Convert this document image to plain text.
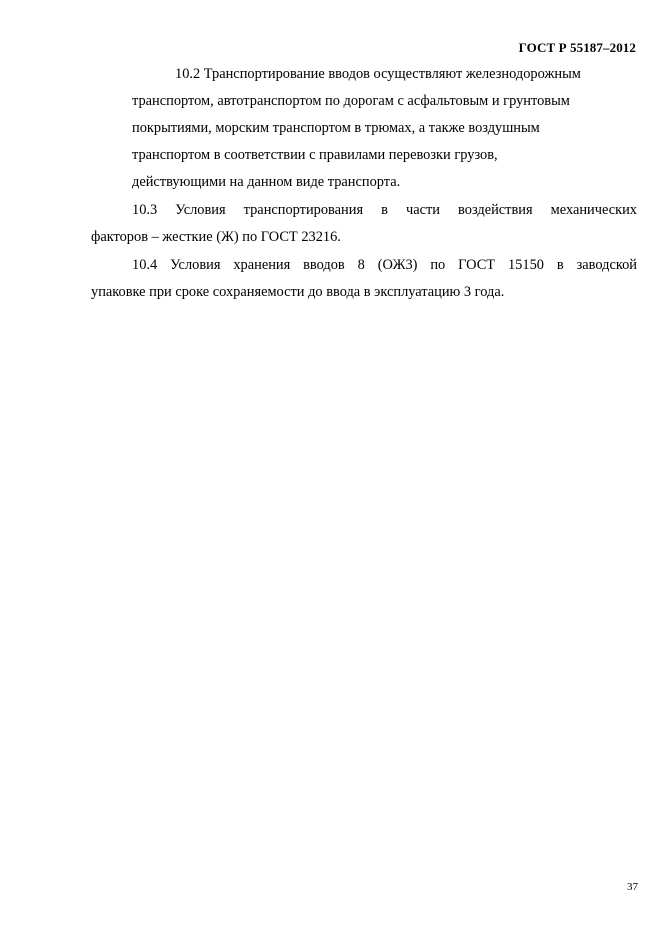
ГОСТ Р 55187–2012
10.2 Транспортирование вводов осуществляют железнодорожным
транспортом, автотранспортом по дорогам с асфальтовым и грунтовым
покрытиями, морским транспортом в трюмах, а также воздушным
транспортом в соответствии с правилами перевозки грузов,
действующими на данном виде транспорта.
10.3 Условия транспортирования в части воздействия механических
факторов – жесткие (Ж) по ГОСТ 23216.
10.4 Условия хранения вводов 8 (ОЖ3) по ГОСТ 15150 в заводской
упаковке при сроке сохраняемости до ввода в эксплуатацию 3 года.
37
